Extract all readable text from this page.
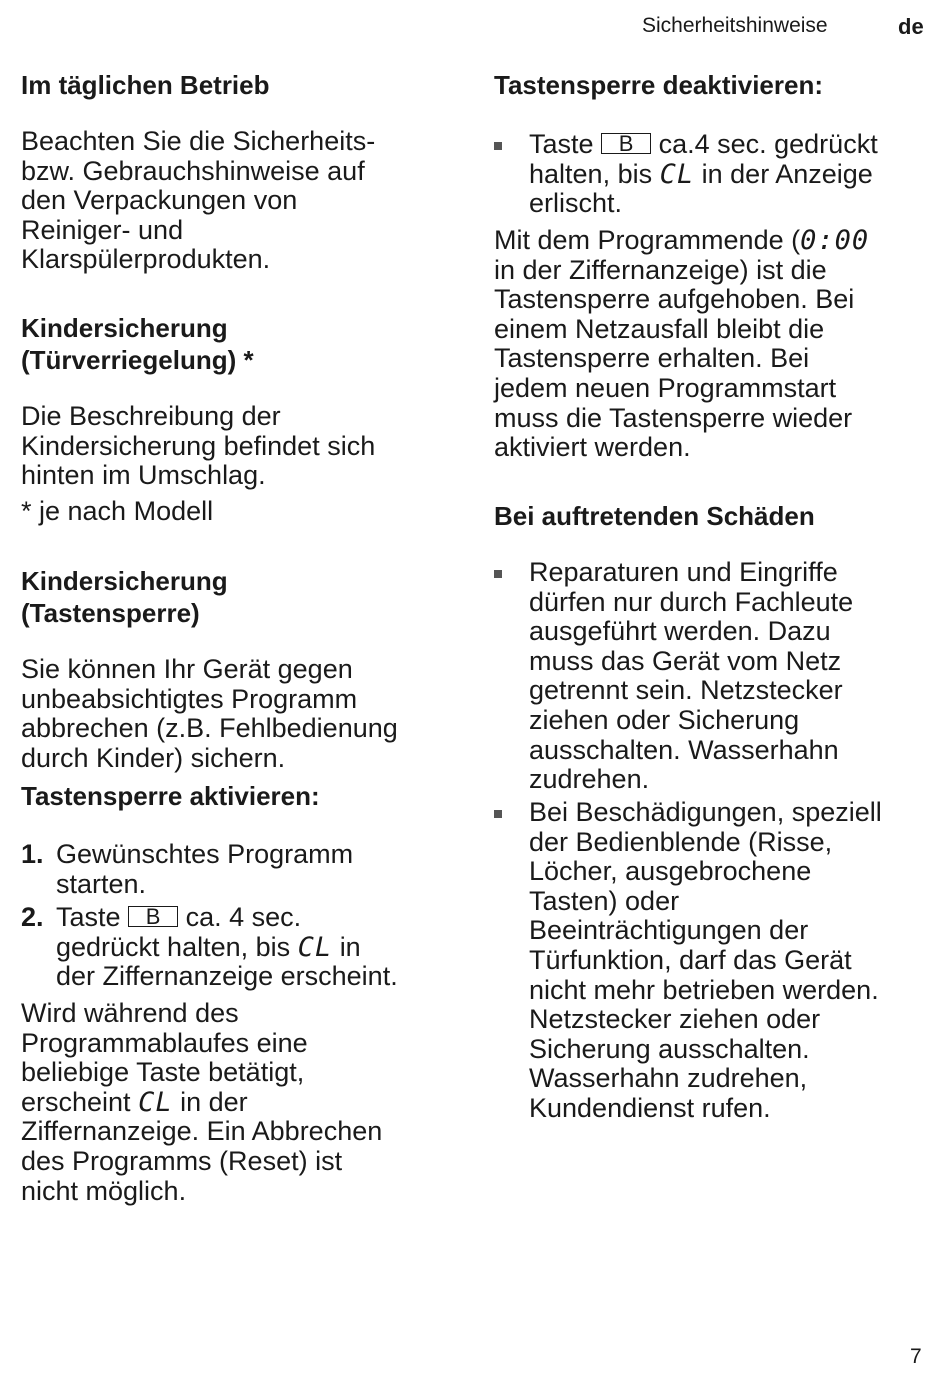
Sicherheitshinweise	de
Im täglichen Betrieb

Beachten Sie die Sicherheits-
bzw. Gebrauchshinweise auf
den Verpackungen von
Reiniger- und
Klarspülerprodukten.

Kindersicherung
(Türverriegelung) *

Die Beschreibung der
Kindersicherung befindet sich
hinten im Umschlag.

* je nach Modell

Kindersicherung
(Tastensperre)

Sie können Ihr Gerät gegen
unbeabsichtigtes Programm
abbrechen (z.B. Fehlbedienung
durch Kinder) sichern.

Tastensperre aktivieren:
1. Gewünschtes Programm
starten.
2. Taste B ca. 4 sec.
gedrückt halten, bis CL in
der Ziffernanzeige erscheint.
Wird während des
Programmablaufes eine
beliebige Taste betätigt,
erscheint CL in der
Ziffernanzeige. Ein Abbrechen
des Programms (Reset) ist
nicht möglich.
Tastensperre deaktivieren:
Taste B ca.4 sec. gedrückt
halten, bis CL in der Anzeige
erlischt.
Mit dem Programmende (0:00
in der Ziffernanzeige) ist die
Tastensperre aufgehoben. Bei
einem Netzausfall bleibt die
Tastensperre erhalten. Bei
jedem neuen Programmstart
muss die Tastensperre wieder
aktiviert werden.
Bei auftretenden Schäden
Reparaturen und Eingriffe
dürfen nur durch Fachleute
ausgeführt werden. Dazu
muss das Gerät vom Netz
getrennt sein. Netzstecker
ziehen oder Sicherung
ausschalten. Wasserhahn
zudrehen.
Bei Beschädigungen, speziell
der Bedienblende (Risse,
Löcher, ausgebrochene
Tasten) oder
Beeinträchtigungen der
Türfunktion, darf das Gerät
nicht mehr betrieben werden.
Netzstecker ziehen oder
Sicherung ausschalten.
Wasserhahn zudrehen,
Kundendienst rufen.
7
